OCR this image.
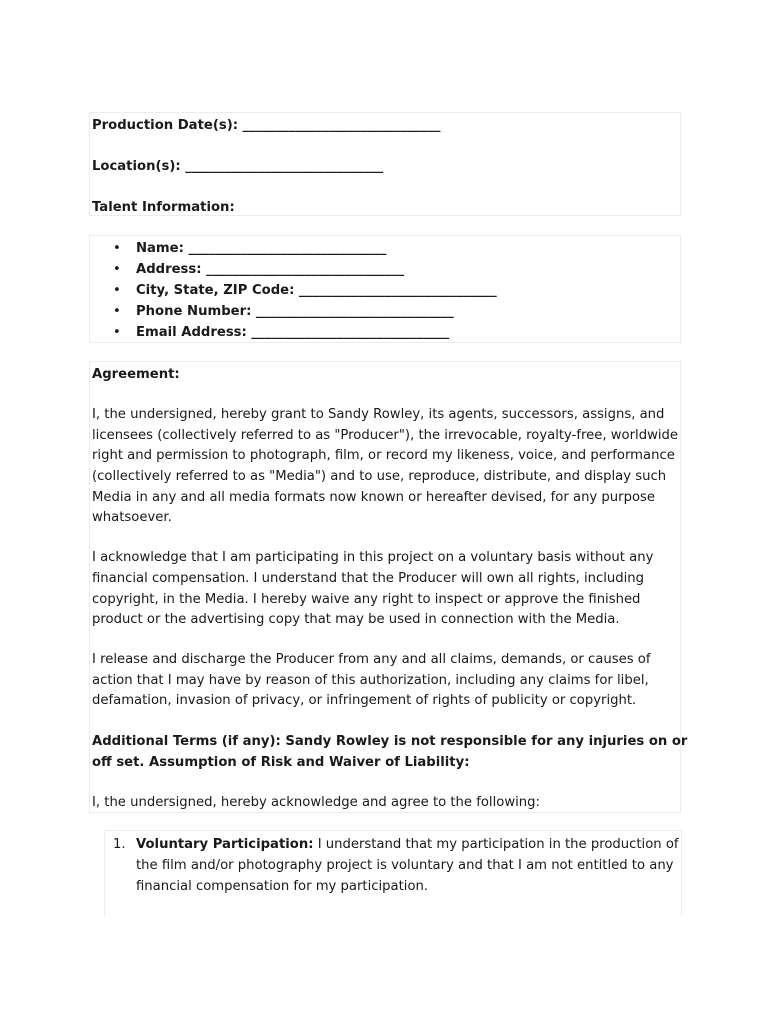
Production Date(s): ______________________________
Location(s): ______________________________
Talent Information:
• Name: ______________________________
• Address: ______________________________
• City, State, ZIP Code: ______________________________
• Phone Number: ______________________________
• Email Address: ______________________________
Agreement:
I, the undersigned, hereby grant to Sandy Rowley, its agents, successors, assigns, and
licensees (collectively referred to as "Producer"), the irrevocable, royalty-free, worldwide
right and permission to photograph, film, or record my likeness, voice, and performance
(collectively referred to as "Media") and to use, reproduce, distribute, and display such
Media in any and all media formats now known or hereafter devised, for any purpose
whatsoever.
I acknowledge that I am participating in this project on a voluntary basis without any
financial compensation. I understand that the Producer will own all rights, including
copyright, in the Media. I hereby waive any right to inspect or approve the finished
product or the advertising copy that may be used in connection with the Media.
I release and discharge the Producer from any and all claims, demands, or causes of
action that I may have by reason of this authorization, including any claims for libel,
defamation, invasion of privacy, or infringement of rights of publicity or copyright.
Additional Terms (if any): Sandy Rowley is not responsible for any injuries on or
off set. Assumption of Risk and Waiver of Liability:
I, the undersigned, hereby acknowledge and agree to the following:
1. Voluntary Participation: I understand that my participation in the production of
the film and/or photography project is voluntary and that I am not entitled to any
financial compensation for my participation.
